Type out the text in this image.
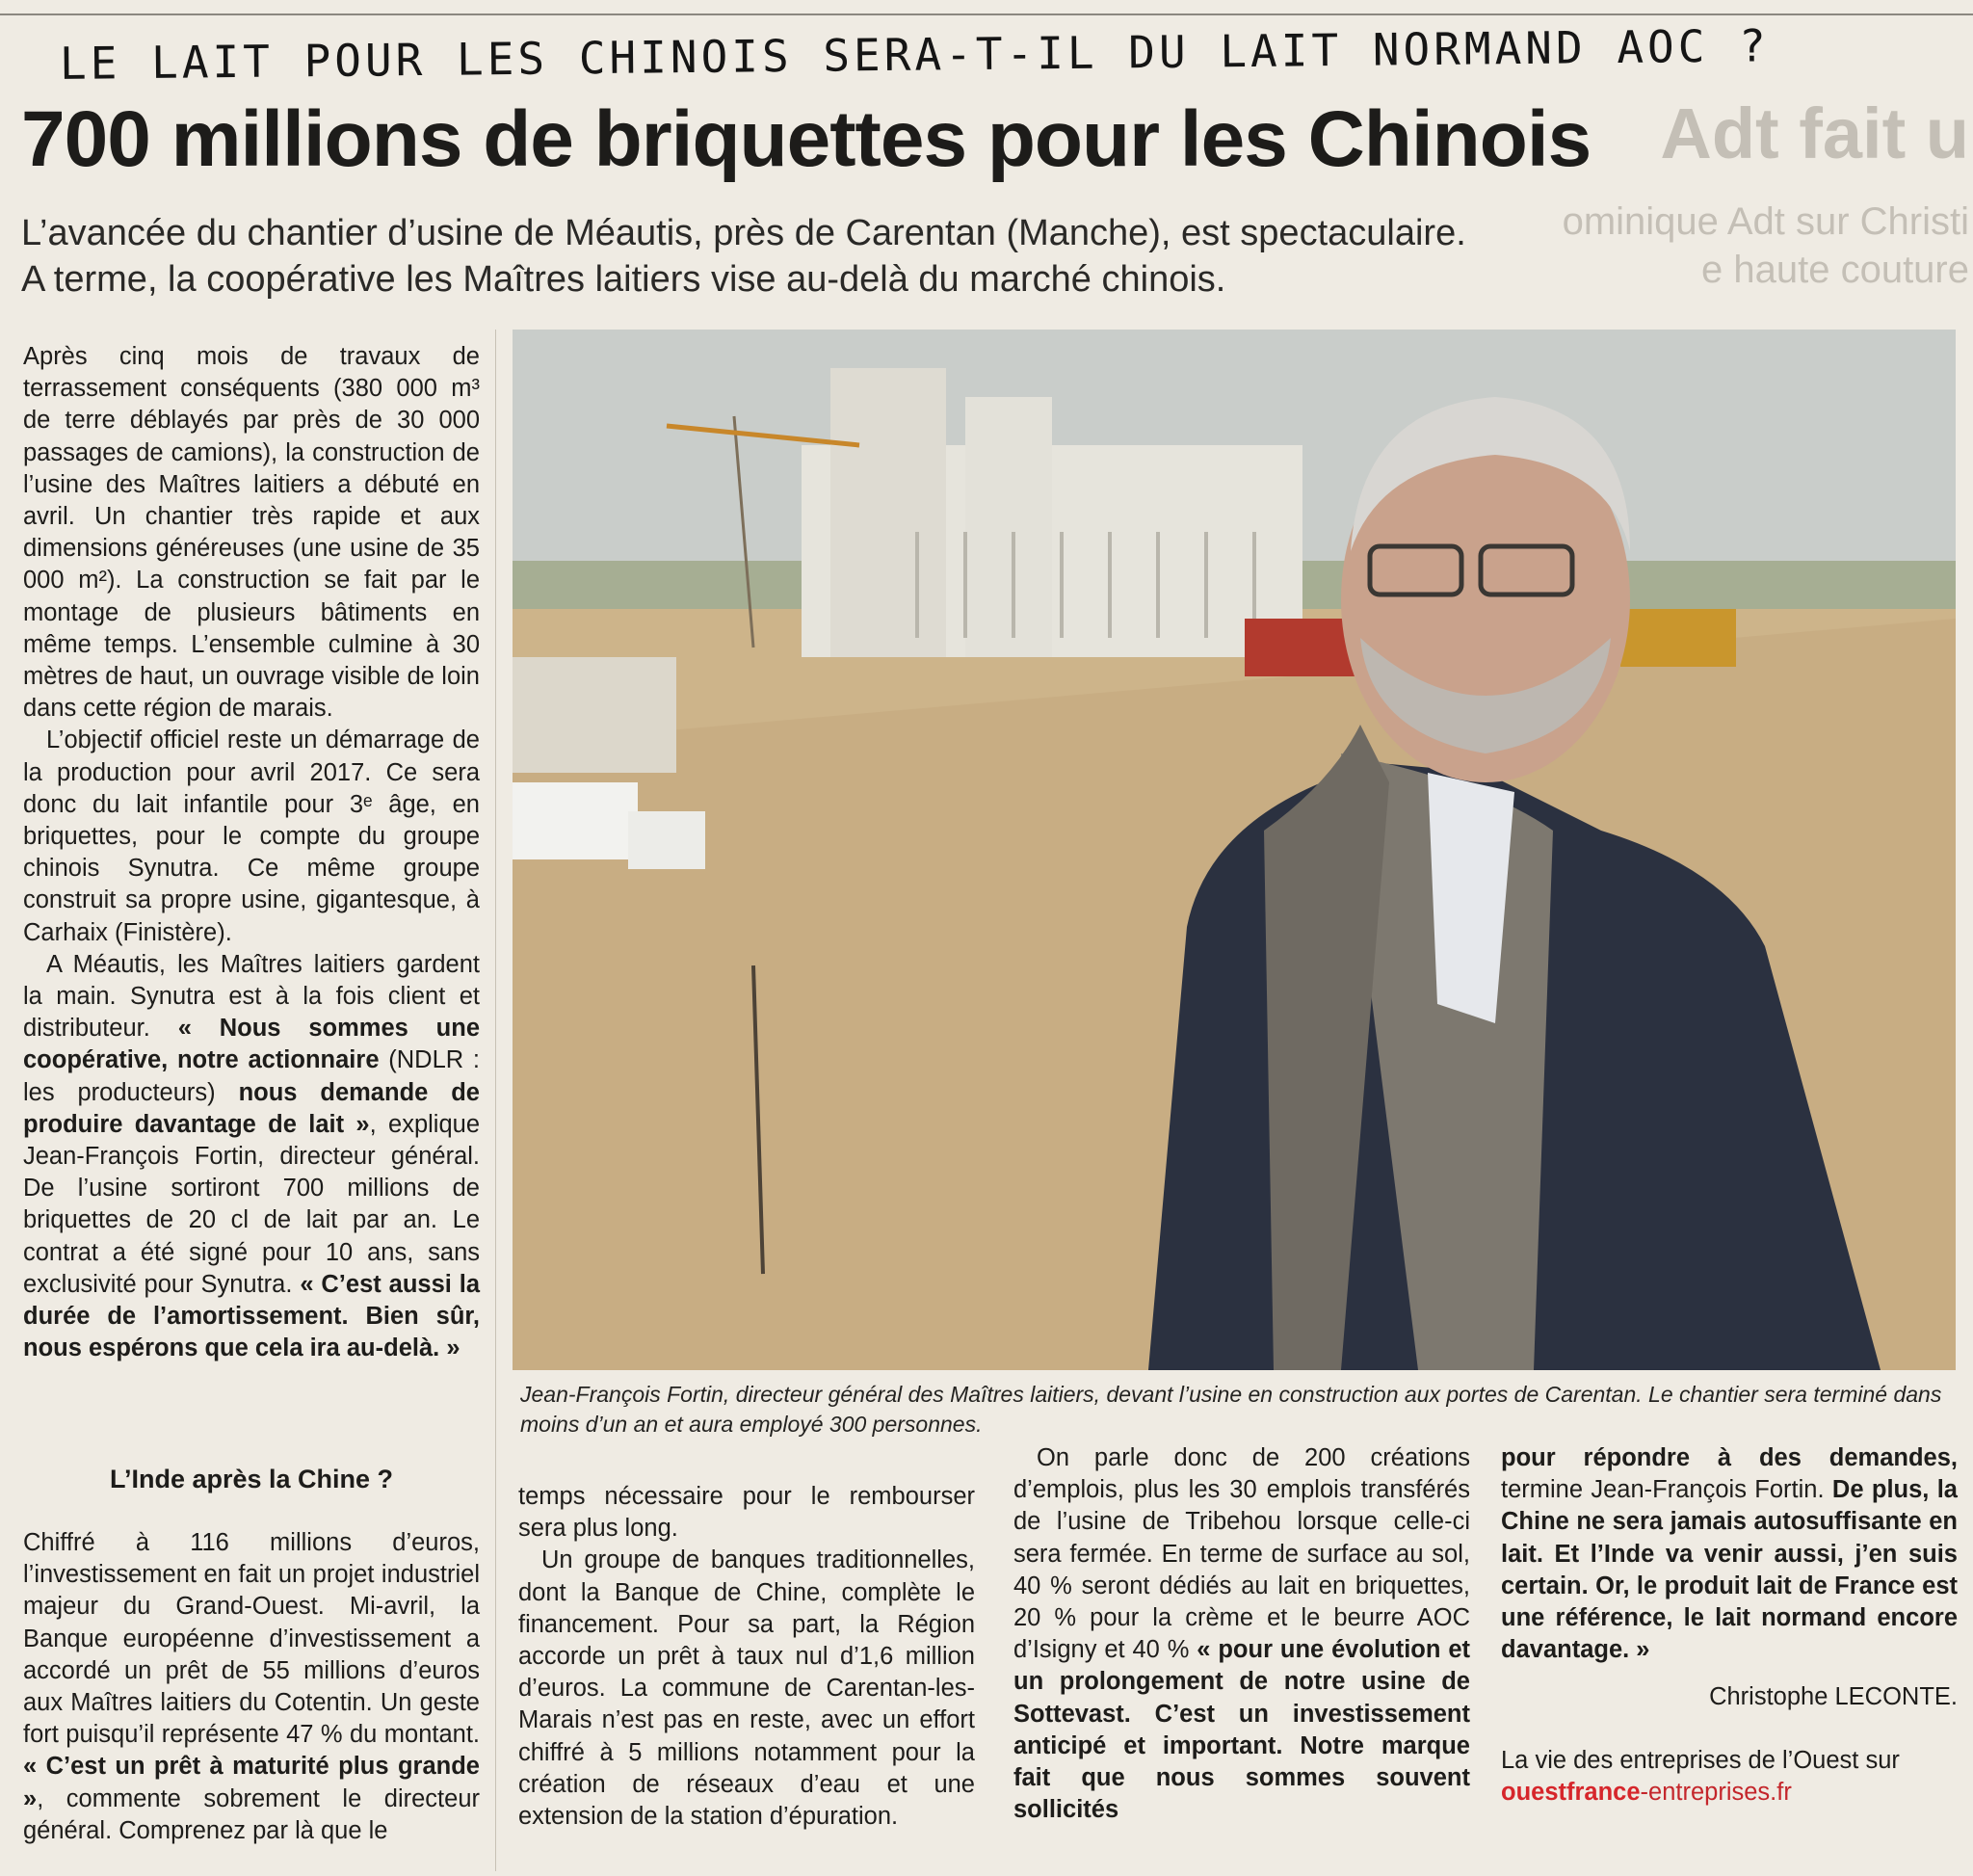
Adt fait u
ominique Adt sur Christi
e haute couture
LE LAIT POUR LES CHINOIS SERA-T-IL DU LAIT NORMAND AOC ?
700 millions de briquettes pour les Chinois
L’avancée du chantier d’usine de Méautis, près de Carentan (Manche), est spectaculaire.
A terme, la coopérative les Maîtres laitiers vise au-delà du marché chinois.
Jean-François Fortin, directeur général des Maîtres laitiers, devant l’usine en construction aux portes de Carentan. Le chantier sera terminé dans moins d’un an et aura employé 300 personnes.

Après cinq mois de travaux de terrassement conséquents (380 000 m³ de terre déblayés par près de 30 000 passages de camions), la construction de l’usine des Maîtres laitiers a débuté en avril. Un chantier très rapide et aux dimensions généreuses (une usine de 35 000 m²). La construction se fait par le montage de plusieurs bâtiments en même temps. L’ensemble culmine à 30 mètres de haut, un ouvrage visible de loin dans cette région de marais.

L’objectif officiel reste un démarrage de la production pour avril 2017. Ce sera donc du lait infantile pour 3ᵉ âge, en briquettes, pour le compte du groupe chinois Synutra. Ce même groupe construit sa propre usine, gigantesque, à Carhaix (Finistère).

A Méautis, les Maîtres laitiers gardent la main. Synutra est à la fois client et distributeur. « Nous sommes une coopérative, notre actionnaire (NDLR : les producteurs) nous demande de produire davantage de lait », explique Jean-François Fortin, directeur général. De l’usine sortiront 700 millions de briquettes de 20 cl de lait par an. Le contrat a été signé pour 10 ans, sans exclusivité pour Synutra. « C’est aussi la durée de l’amortissement. Bien sûr, nous espérons que cela ira au-delà. »

L’Inde après la Chine ?

Chiffré à 116 millions d’euros, l’investissement en fait un projet industriel majeur du Grand-Ouest. Mi-avril, la Banque européenne d’investissement a accordé un prêt de 55 millions d’euros aux Maîtres laitiers du Cotentin. Un geste fort puisqu’il représente 47 % du montant. « C’est un prêt à maturité plus grande », commente sobrement le directeur général. Comprenez par là que le

temps nécessaire pour le rembourser sera plus long.

Un groupe de banques traditionnelles, dont la Banque de Chine, complète le financement. Pour sa part, la Région accorde un prêt à taux nul d’1,6 million d’euros. La commune de Carentan-les-Marais n’est pas en reste, avec un effort chiffré à 5 millions notamment pour la création de réseaux d’eau et une extension de la station d’épuration.

On parle donc de 200 créations d’emplois, plus les 30 emplois transférés de l’usine de Tribehou lorsque celle-ci sera fermée. En terme de surface au sol, 40 % seront dédiés au lait en briquettes, 20 % pour la crème et le beurre AOC d’Isigny et 40 % « pour une évolution et un prolongement de notre usine de Sottevast. C’est un investissement anticipé et important. Notre marque fait que nous sommes souvent sollicités

pour répondre à des demandes, termine Jean-François Fortin. De plus, la Chine ne sera jamais autosuffisante en lait. Et l’Inde va venir aussi, j’en suis certain. Or, le produit lait de France est une référence, le lait normand encore davantage. »

Christophe LECONTE.

La vie des entreprises de l’Ouest sur
ouestfrance-entreprises.fr
